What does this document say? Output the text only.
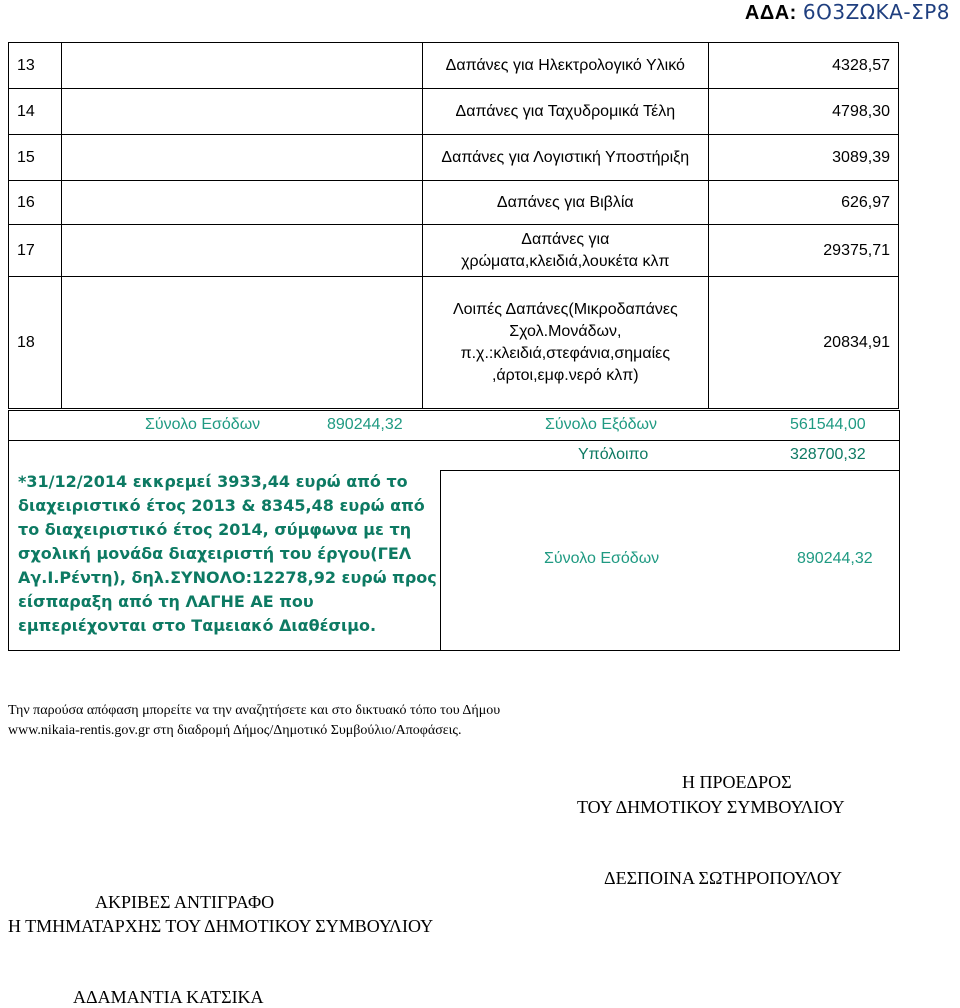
ΑΔΑ: 6Ο3ΖΩΚΑ-ΣΡ8
13		Δαπάνες για Ηλεκτρολογικό Υλικό	4328,57
14		Δαπάνες για Ταχυδρομικά Τέλη	4798,30
15		Δαπάνες για Λογιστική Υποστήριξη	3089,39
16		Δαπάνες για Βιβλία	626,97
17		Δαπάνες για χρώματα,κλειδιά,λουκέτα κλπ	29375,71
18		Λοιπές Δαπάνες(Μικροδαπάνες Σχολ.Μονάδων, π.χ.:κλειδιά,στεφάνια,σημαίες ,άρτοι,εμφ.νερό κλπ)	20834,91
Σύνολο Εσόδων	890244,32	Σύνολο Εξόδων	561544,00
Υπόλοιπο	328700,32
Σύνολο Εσόδων	890244,32
*31/12/2014 εκκρεμεί 3933,44 ευρώ από το διαχειριστικό έτος 2013 & 8345,48 ευρώ από το διαχειριστικό έτος 2014, σύμφωνα με τη σχολική μονάδα διαχειριστή του έργου(ΓΕΛ Αγ.Ι.Ρέντη), δηλ.ΣΥΝΟΛΟ:12278,92 ευρώ προς είσπαραξη από τη ΛΑΓΗΕ ΑΕ που εμπεριέχονται στο Ταμειακό Διαθέσιμο.
Την παρούσα απόφαση μπορείτε να την αναζητήσετε και στο δικτυακό τόπο του Δήμου
www.nikaia-rentis.gov.gr στη διαδρομή Δήμος/Δημοτικό Συμβούλιο/Αποφάσεις.
Η ΠΡΟΕΔΡΟΣ
ΤΟΥ ΔΗΜΟΤΙΚΟΥ ΣΥΜΒΟΥΛΙΟΥ
ΔΕΣΠΟΙΝΑ ΣΩΤΗΡΟΠΟΥΛΟΥ
ΑΚΡΙΒΕΣ ΑΝΤΙΓΡΑΦΟ
Η ΤΜΗΜΑΤΑΡΧΗΣ ΤΟΥ ΔΗΜΟΤΙΚΟΥ ΣΥΜΒΟΥΛΙΟΥ
ΑΔΑΜΑΝΤΙΑ ΚΑΤΣΙΚΑ
